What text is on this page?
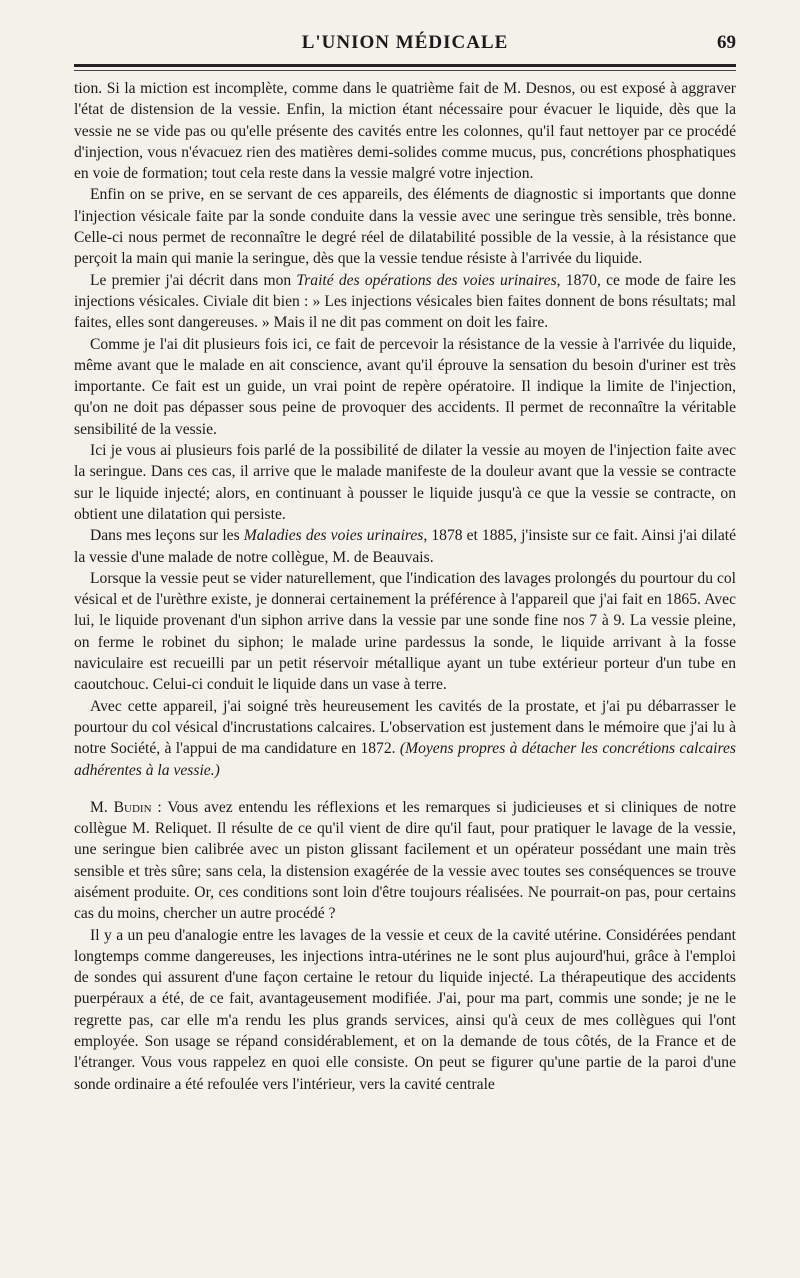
L'UNION MÉDICALE	69

tion. Si la miction est incomplète, comme dans le quatrième fait de M. Desnos, ou est exposé à aggraver l'état de distension de la vessie. Enfin, la miction étant nécessaire pour évacuer le liquide, dès que la vessie ne se vide pas ou qu'elle présente des cavités entre les colonnes, qu'il faut nettoyer par ce procédé d'injection, vous n'évacuez rien des matières demi-solides comme mucus, pus, concrétions phosphatiques en voie de formation; tout cela reste dans la vessie malgré votre injection.

Enfin on se prive, en se servant de ces appareils, des éléments de diagnostic si importants que donne l'injection vésicale faite par la sonde conduite dans la vessie avec une seringue très sensible, très bonne. Celle-ci nous permet de reconnaître le degré réel de dilatabilité possible de la vessie, à la résistance que perçoit la main qui manie la seringue, dès que la vessie tendue résiste à l'arrivée du liquide.

Le premier j'ai décrit dans mon Traité des opérations des voies urinaires, 1870, ce mode de faire les injections vésicales. Civiale dit bien : » Les injections vésicales bien faites donnent de bons résultats; mal faites, elles sont dangereuses. » Mais il ne dit pas comment on doit les faire.

Comme je l'ai dit plusieurs fois ici, ce fait de percevoir la résistance de la vessie à l'arrivée du liquide, même avant que le malade en ait conscience, avant qu'il éprouve la sensation du besoin d'uriner est très importante. Ce fait est un guide, un vrai point de repère opératoire. Il indique la limite de l'injection, qu'on ne doit pas dépasser sous peine de provoquer des accidents. Il permet de reconnaître la véritable sensibilité de la vessie.

Ici je vous ai plusieurs fois parlé de la possibilité de dilater la vessie au moyen de l'injection faite avec la seringue. Dans ces cas, il arrive que le malade manifeste de la douleur avant que la vessie se contracte sur le liquide injecté; alors, en continuant à pousser le liquide jusqu'à ce que la vessie se contracte, on obtient une dilatation qui persiste.

Dans mes leçons sur les Maladies des voies urinaires, 1878 et 1885, j'insiste sur ce fait. Ainsi j'ai dilaté la vessie d'une malade de notre collègue, M. de Beauvais.

Lorsque la vessie peut se vider naturellement, que l'indication des lavages prolongés du pourtour du col vésical et de l'urèthre existe, je donnerai certainement la préférence à l'appareil que j'ai fait en 1865. Avec lui, le liquide provenant d'un siphon arrive dans la vessie par une sonde fine nos 7 à 9. La vessie pleine, on ferme le robinet du siphon; le malade urine pardessus la sonde, le liquide arrivant à la fosse naviculaire est recueilli par un petit réservoir métallique ayant un tube extérieur porteur d'un tube en caoutchouc. Celui-ci conduit le liquide dans un vase à terre.

Avec cette appareil, j'ai soigné très heureusement les cavités de la prostate, et j'ai pu débarrasser le pourtour du col vésical d'incrustations calcaires. L'observation est justement dans le mémoire que j'ai lu à notre Société, à l'appui de ma candidature en 1872. (Moyens propres à détacher les concrétions calcaires adhérentes à la vessie.)

M. Budin : Vous avez entendu les réflexions et les remarques si judicieuses et si cliniques de notre collègue M. Reliquet. Il résulte de ce qu'il vient de dire qu'il faut, pour pratiquer le lavage de la vessie, une seringue bien calibrée avec un piston glissant facilement et un opérateur possédant une main très sensible et très sûre; sans cela, la distension exagérée de la vessie avec toutes ses conséquences se trouve aisément produite. Or, ces conditions sont loin d'être toujours réalisées. Ne pourrait-on pas, pour certains cas du moins, chercher un autre procédé ?

Il y a un peu d'analogie entre les lavages de la vessie et ceux de la cavité utérine. Considérées pendant longtemps comme dangereuses, les injections intra-utérines ne le sont plus aujourd'hui, grâce à l'emploi de sondes qui assurent d'une façon certaine le retour du liquide injecté. La thérapeutique des accidents puerpéraux a été, de ce fait, avantageusement modifiée. J'ai, pour ma part, commis une sonde; je ne le regrette pas, car elle m'a rendu les plus grands services, ainsi qu'à ceux de mes collègues qui l'ont employée. Son usage se répand considérablement, et on la demande de tous côtés, de la France et de l'étranger. Vous vous rappelez en quoi elle consiste. On peut se figurer qu'une partie de la paroi d'une sonde ordinaire a été refoulée vers l'intérieur, vers la cavité centrale
